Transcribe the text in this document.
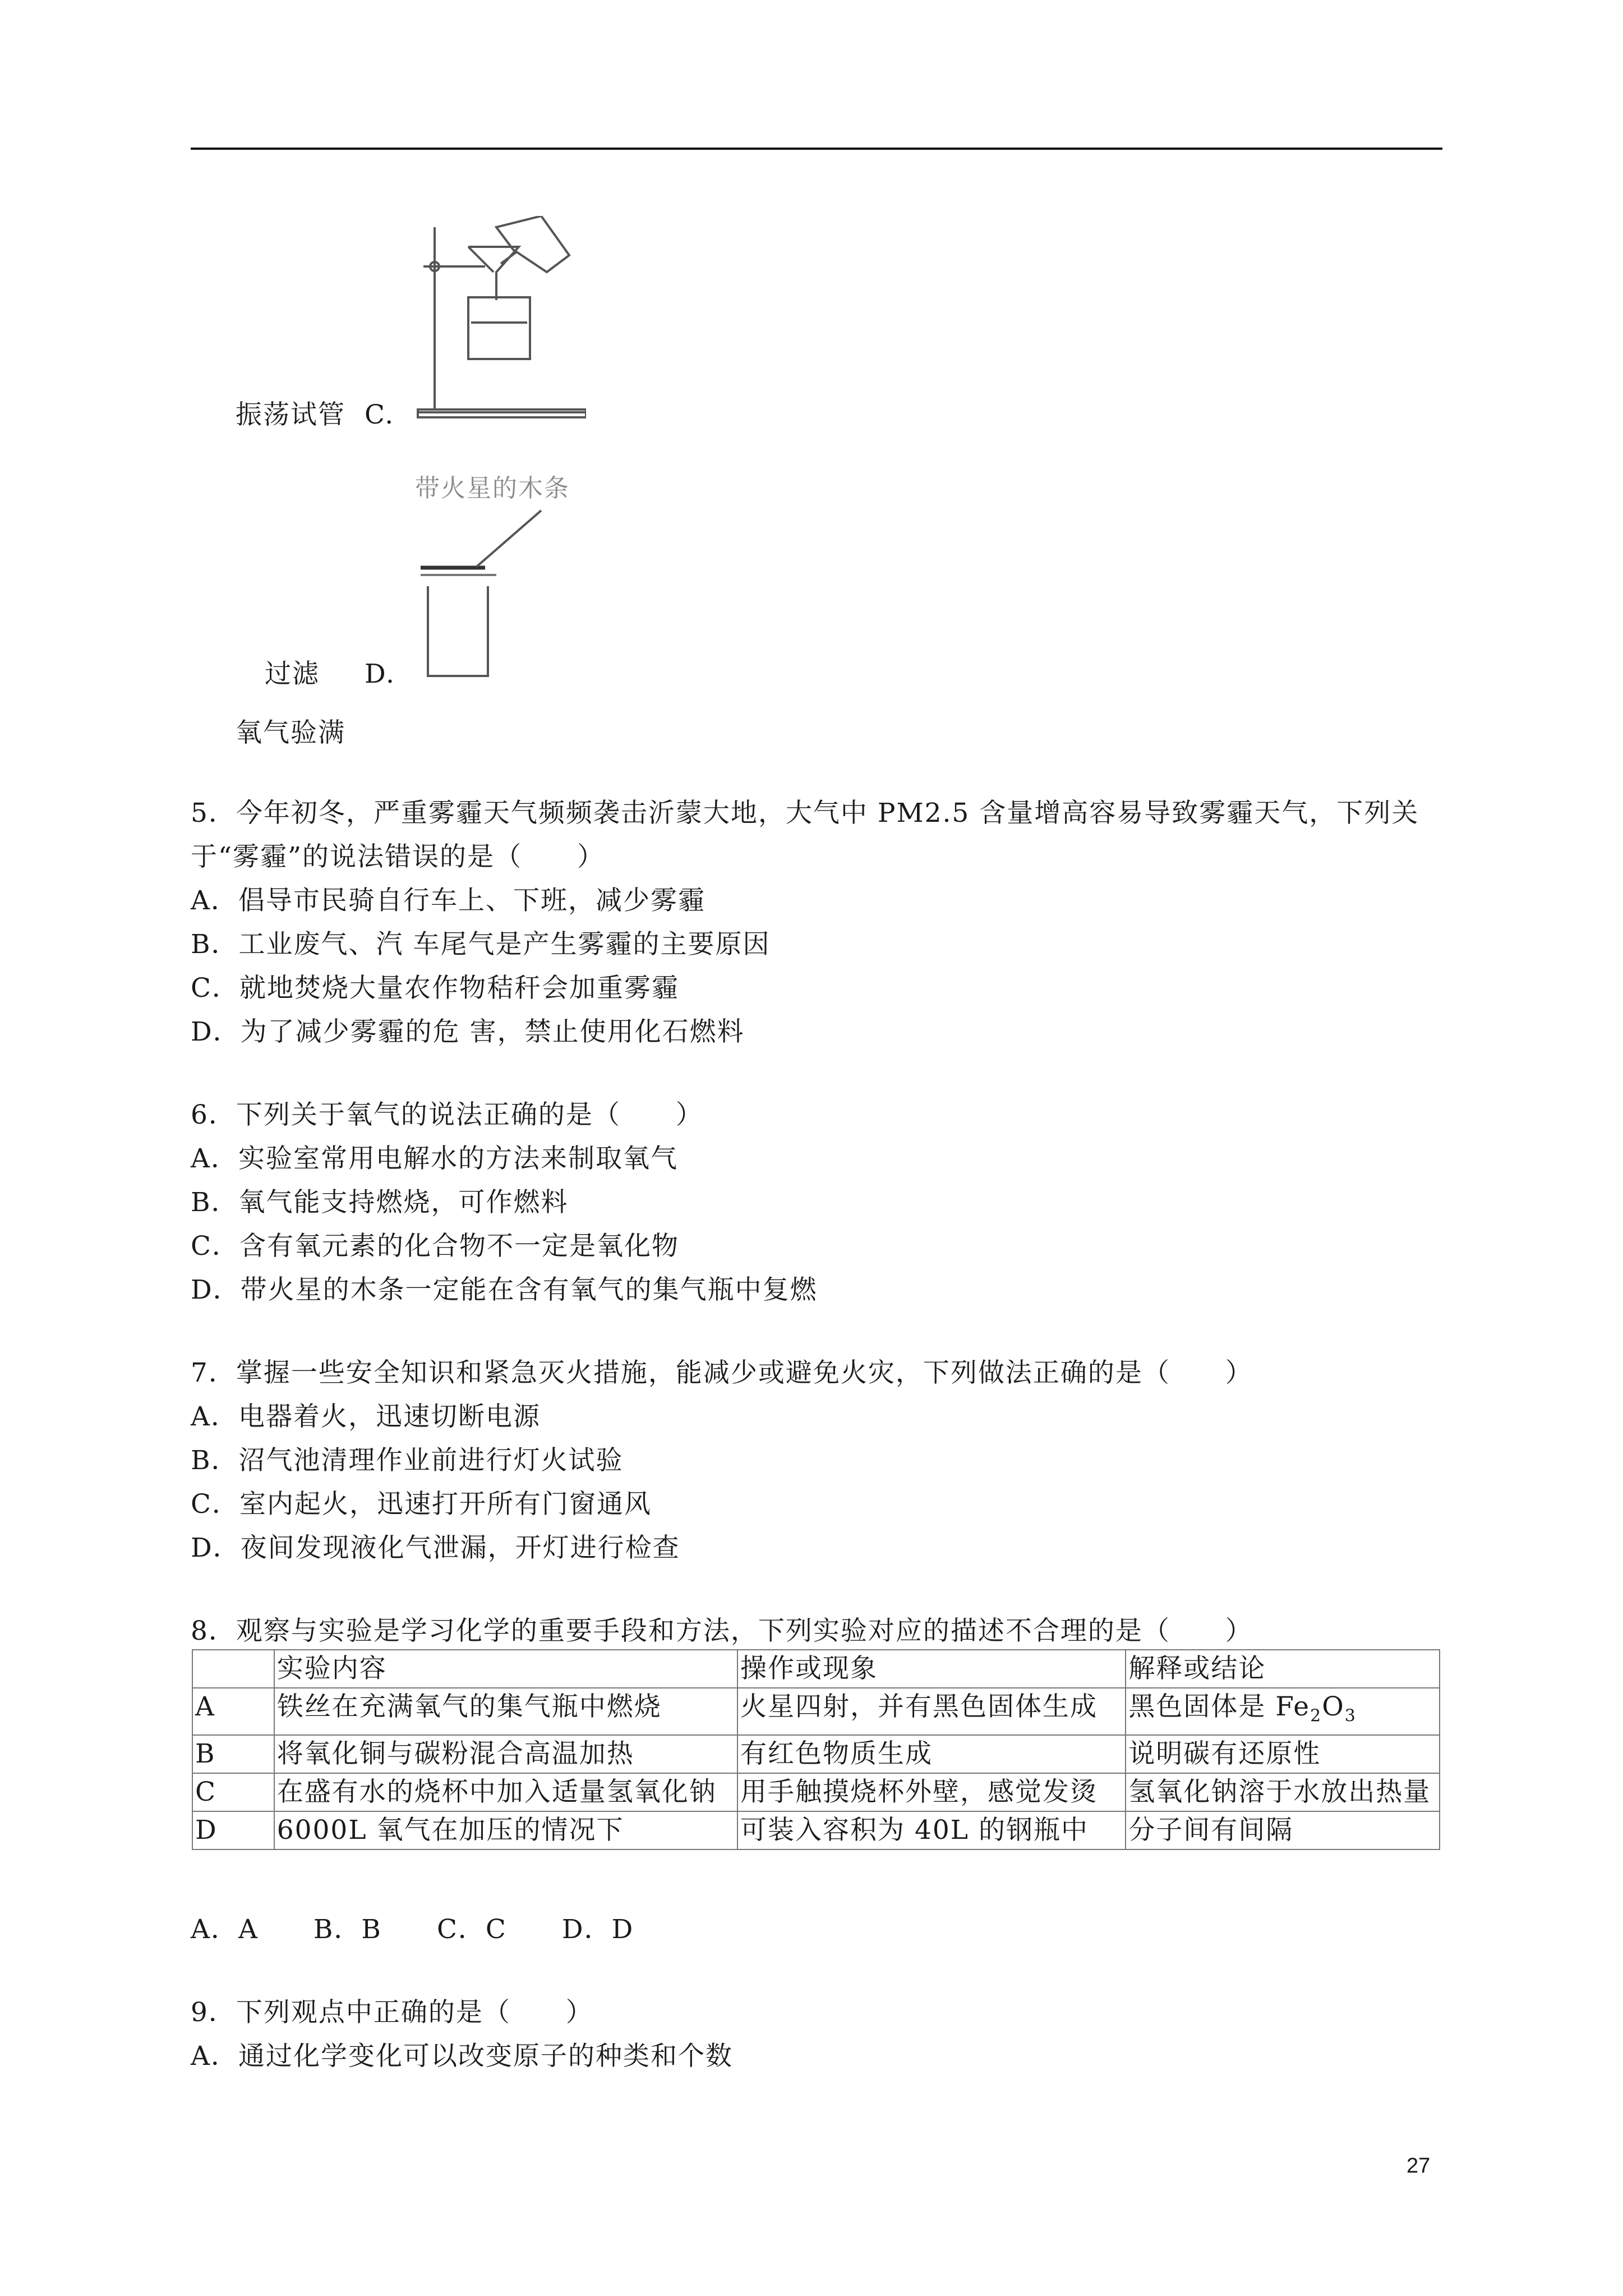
振荡试管 C.
带火星的木条
过滤 D.
氧气验满
5．今年初冬，严重雾霾天气频频袭击沂蒙大地，大气中 PM2.5 含量增高容易导致雾霾天气，下列关
于“雾霾”的说法错误的是（　　）
A．倡导市民骑自行车上、下班，减少雾霾
B．工业废气、汽 车尾气是产生雾霾的主要原因
C．就地焚烧大量农作物秸秆会加重雾霾
D．为了减少雾霾的危 害，禁止使用化石燃料
6．下列关于氧气的说法正确的是（　　）
A．实验室常用电解水的方法来制取氧气
B．氧气能支持燃烧，可作燃料
C．含有氧元素的化合物不一定是氧化物
D．带火星的木条一定能在含有氧气的集气瓶中复燃
7．掌握一些安全知识和紧急灭火措施，能减少或避免火灾，下列做法正确的是（　　）
A．电器着火，迅速切断电源
B．沼气池清理作业前进行灯火试验
C．室内起火，迅速打开所有门窗通风
D．夜间发现液化气泄漏，开灯进行检查
8．观察与实验是学习化学的重要手段和方法，下列实验对应的描述不合理的是（　　）
	实验内容	操作或现象	解释或结论
A	铁丝在充满氧气的集气瓶中燃烧	火星四射，并有黑色固体生成	黑色固体是 $Fe_2O_3$
B	将氧化铜与碳粉混合高温加热	有红色物质生成	说明碳有还原性
C	在盛有水的烧杯中加入适量氢氧化钠	用手触摸烧杯外壁，感觉发烫	氢氧化钠溶于水放出热量
D	6000L 氧气在加压的情况下	可装入容积为 40L 的钢瓶中	分子间有间隔
A．A　　B．B　　C．C　　D．D
9．下列观点中正确的是（　　）
A．通过化学变化可以改变原子的种类和个数
27
